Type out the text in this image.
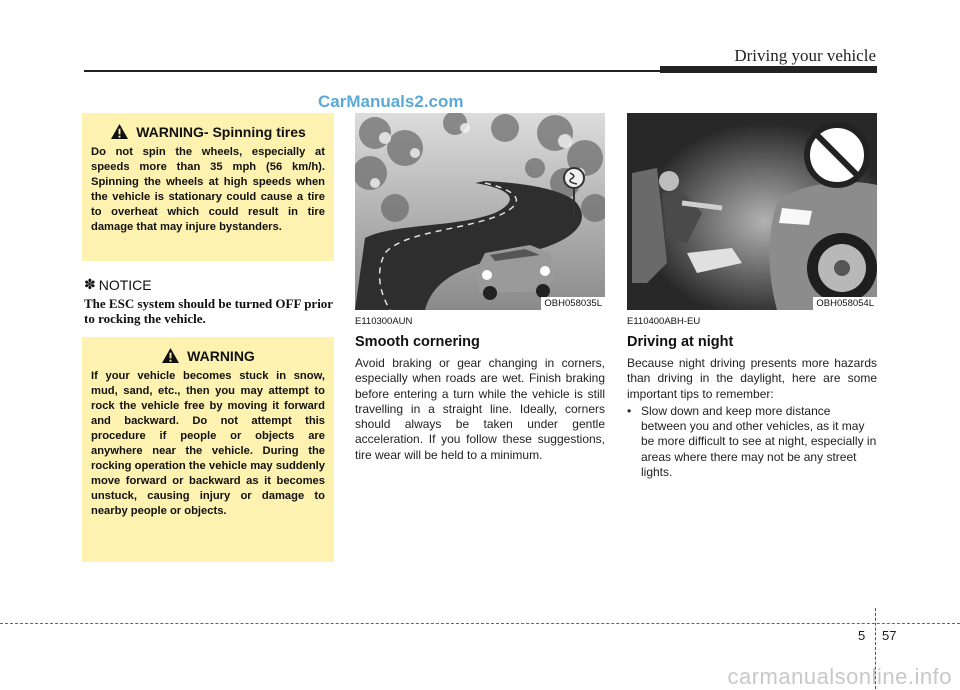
Driving your vehicle
CarManuals2.com
WARNING - Spinning tires
Do not spin the wheels, especially at speeds more than 35 mph (56 km/h). Spinning the wheels at high speeds when the vehicle is stationary could cause a tire to overheat which could result in tire damage that may injure bystanders.
✽ NOTICE
The ESC system should be turned OFF prior to rocking the vehicle.
WARNING
If your vehicle becomes stuck in snow, mud, sand, etc., then you may attempt to rock the vehicle free by moving it forward and backward. Do not attempt this procedure if people or objects are anywhere near the vehicle. During the rocking operation the vehicle may suddenly move forward or backward as it becomes unstuck, causing injury or damage to nearby people or objects.
OBH058035L	OBH058054L
E110300AUN
Smooth cornering
Avoid braking or gear changing in corners, especially when roads are wet. Finish braking before entering a turn while the vehicle is still travelling in a straight line. Ideally, corners should always be taken under gentle acceleration. If you follow these suggestions, tire wear will be held to a minimum.
E110400ABH-EU
Driving at night
Because night driving presents more hazards than driving in the daylight, here are some important tips to remember:
• Slow down and keep more distance between you and other vehicles, as it may be more difficult to see at night, especially in areas where there may not be any street lights.
5 57
carmanualsonline.info
